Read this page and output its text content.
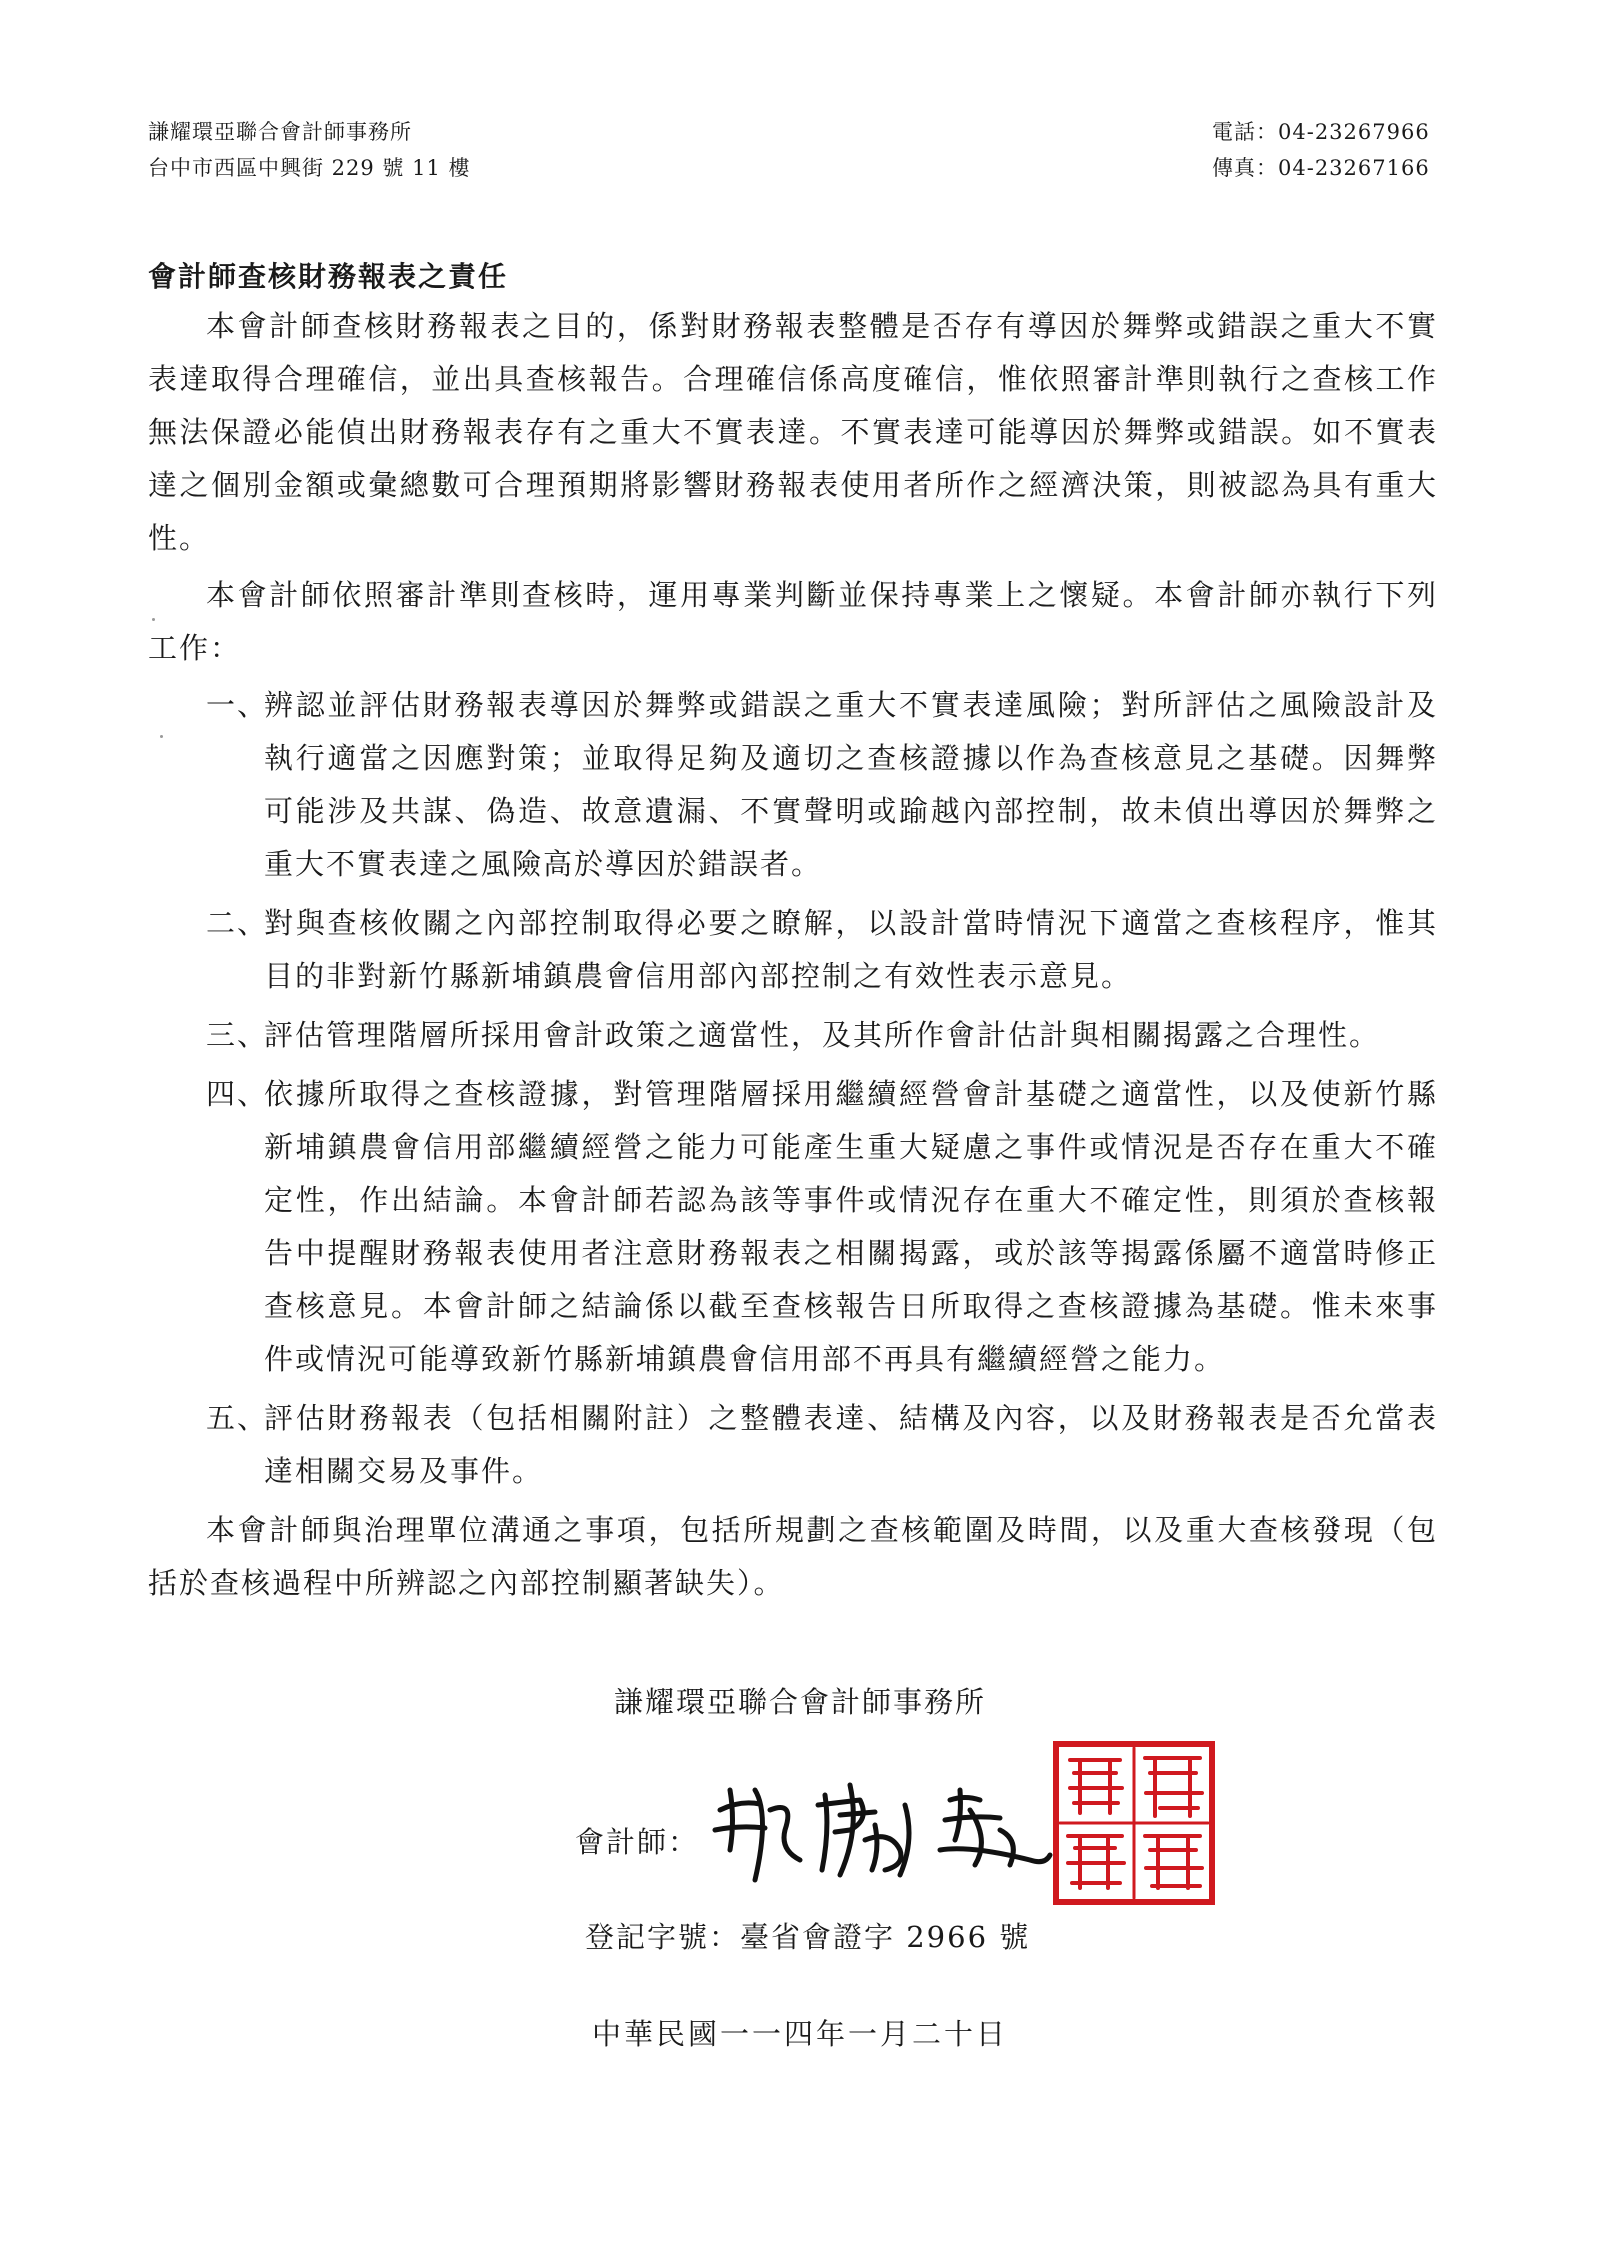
謙耀環亞聯合會計師事務所
台中市西區中興街 229 號 11 樓
電話：04-23267966
傳真：04-23267166
會計師查核財務報表之責任

本會計師查核財務報表之目的，係對財務報表整體是否存有導因於舞弊或錯誤之重大不實表達取得合理確信，並出具查核報告。合理確信係高度確信，惟依照審計準則執行之查核工作無法保證必能偵出財務報表存有之重大不實表達。不實表達可能導因於舞弊或錯誤。如不實表達之個別金額或彙總數可合理預期將影響財務報表使用者所作之經濟決策，則被認為具有重大性。

本會計師依照審計準則查核時，運用專業判斷並保持專業上之懷疑。本會計師亦執行下列工作：

一、
辨認並評估財務報表導因於舞弊或錯誤之重大不實表達風險；對所評估之風險設計及執行適當之因應對策；並取得足夠及適切之查核證據以作為查核意見之基礎。因舞弊可能涉及共謀、偽造、故意遺漏、不實聲明或踰越內部控制，故未偵出導因於舞弊之重大不實表達之風險高於導因於錯誤者。
二、
對與查核攸關之內部控制取得必要之瞭解，以設計當時情況下適當之查核程序，惟其目的非對新竹縣新埔鎮農會信用部內部控制之有效性表示意見。
三、
評估管理階層所採用會計政策之適當性，及其所作會計估計與相關揭露之合理性。
四、
依據所取得之查核證據，對管理階層採用繼續經營會計基礎之適當性，以及使新竹縣新埔鎮農會信用部繼續經營之能力可能產生重大疑慮之事件或情況是否存在重大不確定性，作出結論。本會計師若認為該等事件或情況存在重大不確定性，則須於查核報告中提醒財務報表使用者注意財務報表之相關揭露，或於該等揭露係屬不適當時修正查核意見。本會計師之結論係以截至查核報告日所取得之查核證據為基礎。惟未來事件或情況可能導致新竹縣新埔鎮農會信用部不再具有繼續經營之能力。
五、
評估財務報表（包括相關附註）之整體表達、結構及內容，以及財務報表是否允當表達相關交易及事件。

本會計師與治理單位溝通之事項，包括所規劃之查核範圍及時間，以及重大查核發現（包括於查核過程中所辨認之內部控制顯著缺失）。

謙耀環亞聯合會計師事務所
會計師：
登記字號：臺省會證字 2966 號
中華民國一一四年一月二十日
